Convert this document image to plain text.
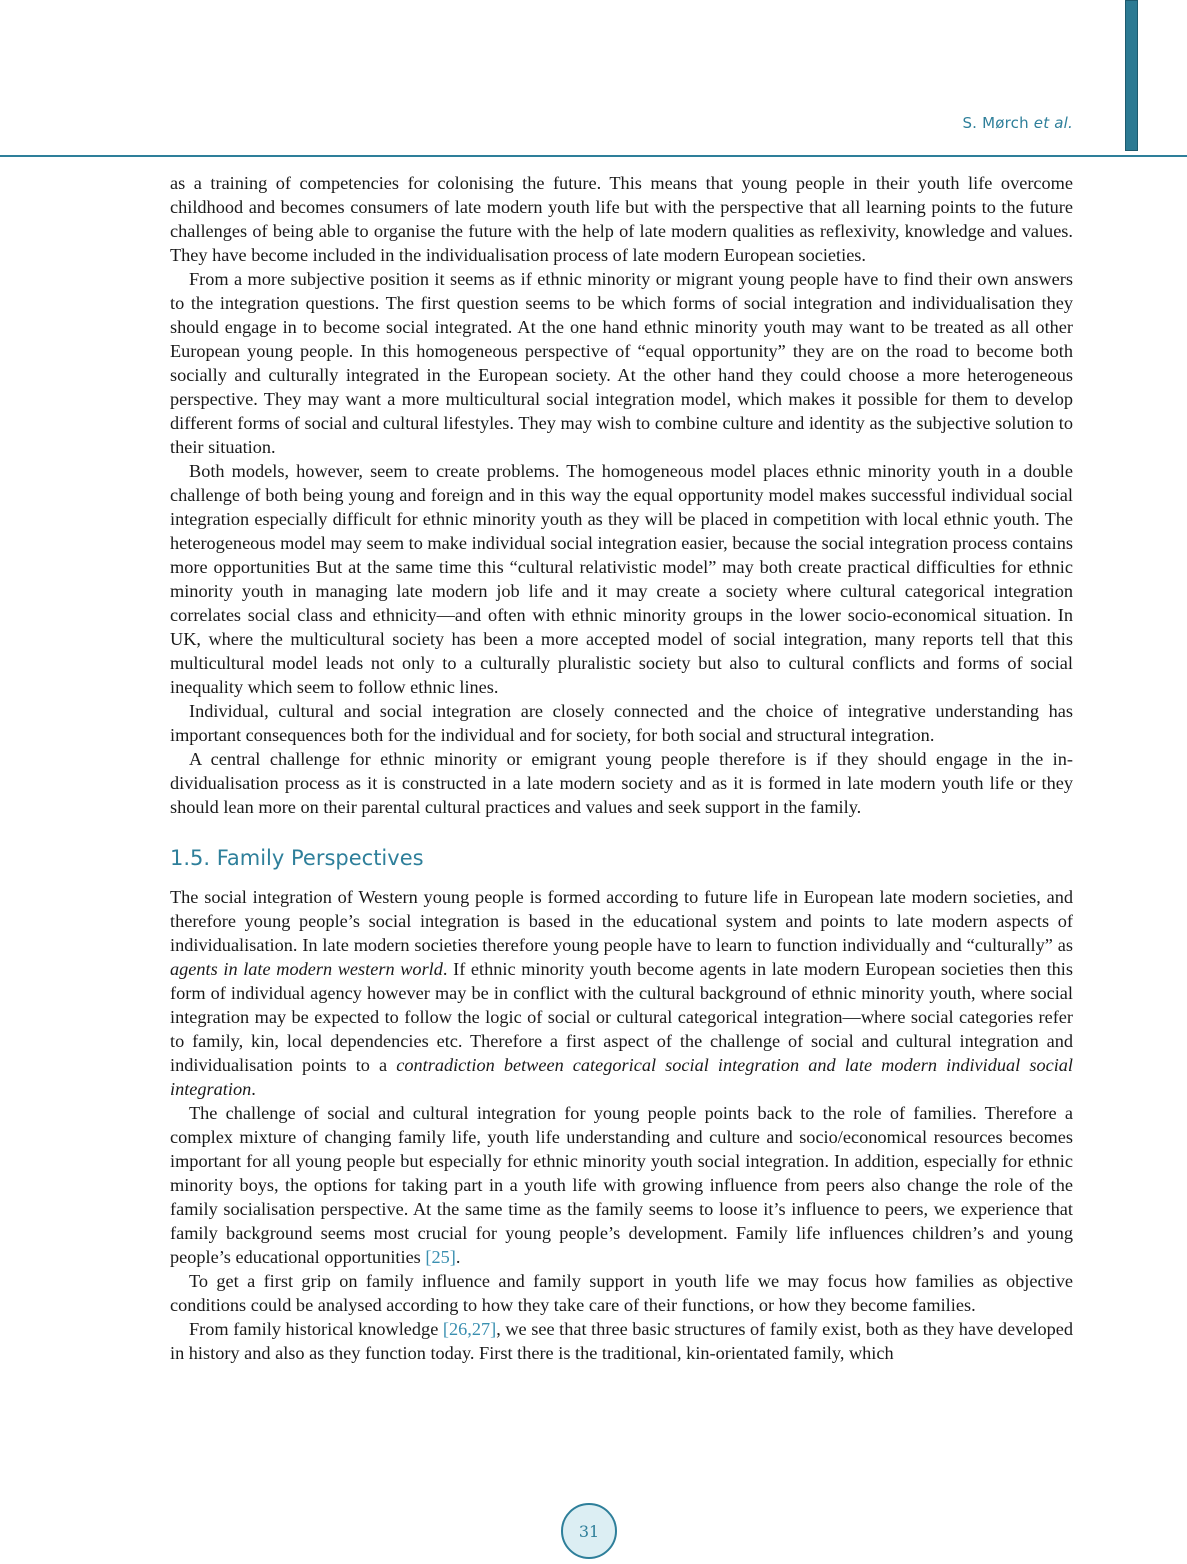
S. Mørch et al.

as a training of competencies for colonising the future. This means that young people in their youth life overcome childhood and becomes consumers of late modern youth life but with the perspective that all learning points to the future challenges of being able to organise the future with the help of late modern qualities as reflexivity, knowledge and values. They have become included in the individualisation process of late modern European societies.

From a more subjective position it seems as if ethnic minority or migrant young people have to find their own answers to the integration questions. The first question seems to be which forms of social integration and individualisation they should engage in to become social integrated. At the one hand ethnic minority youth may want to be treated as all other European young people. In this homogeneous perspective of “equal opportunity” they are on the road to become both socially and culturally integrated in the European society. At the other hand they could choose a more heterogeneous perspective. They may want a more multicultural social integration model, which makes it possible for them to develop different forms of social and cultural lifestyles. They may wish to combine culture and identity as the subjective solution to their situation.

Both models, however, seem to create problems. The homogeneous model places ethnic minority youth in a double challenge of both being young and foreign and in this way the equal opportunity model makes successful individual social integration especially difficult for ethnic minority youth as they will be placed in competition with local ethnic youth. The heterogeneous model may seem to make individual social integration easier, because the social integration process contains more opportunities But at the same time this “cultural relativistic model” may both create practical difficulties for ethnic minority youth in managing late modern job life and it may create a society where cultural categorical integration correlates social class and ethnicity—and often with ethnic minority groups in the lower socio-economical situation. In UK, where the multicultural society has been a more accepted model of social integration, many reports tell that this multicultural model leads not only to a culturally pluralistic society but also to cultural conflicts and forms of social inequality which seem to follow ethnic lines.

Individual, cultural and social integration are closely connected and the choice of integrative understanding has important consequences both for the individual and for society, for both social and structural integration.

A central challenge for ethnic minority or emigrant young people therefore is if they should engage in the individualisation process as it is constructed in a late modern society and as it is formed in late modern youth life or they should lean more on their parental cultural practices and values and seek support in the family.

1.5. Family Perspectives

The social integration of Western young people is formed according to future life in European late modern societies, and therefore young people’s social integration is based in the educational system and points to late modern aspects of individualisation. In late modern societies therefore young people have to learn to function individually and “culturally” as agents in late modern western world. If ethnic minority youth become agents in late modern European societies then this form of individual agency however may be in conflict with the cultural background of ethnic minority youth, where social integration may be expected to follow the logic of social or cultural categorical integration—where social categories refer to family, kin, local dependencies etc. Therefore a first aspect of the challenge of social and cultural integration and individualisation points to a contradiction between categorical social integration and late modern individual social integration.

The challenge of social and cultural integration for young people points back to the role of families. Therefore a complex mixture of changing family life, youth life understanding and culture and socio/economical resources becomes important for all young people but especially for ethnic minority youth social integration. In addition, especially for ethnic minority boys, the options for taking part in a youth life with growing influence from peers also change the role of the family socialisation perspective. At the same time as the family seems to loose it’s influence to peers, we experience that family background seems most crucial for young people’s development. Family life influences children’s and young people’s educational opportunities [25].

To get a first grip on family influence and family support in youth life we may focus how families as objective conditions could be analysed according to how they take care of their functions, or how they become families.

From family historical knowledge [26,27], we see that three basic structures of family exist, both as they have developed in history and also as they function today. First there is the traditional, kin-orientated family, which

31
